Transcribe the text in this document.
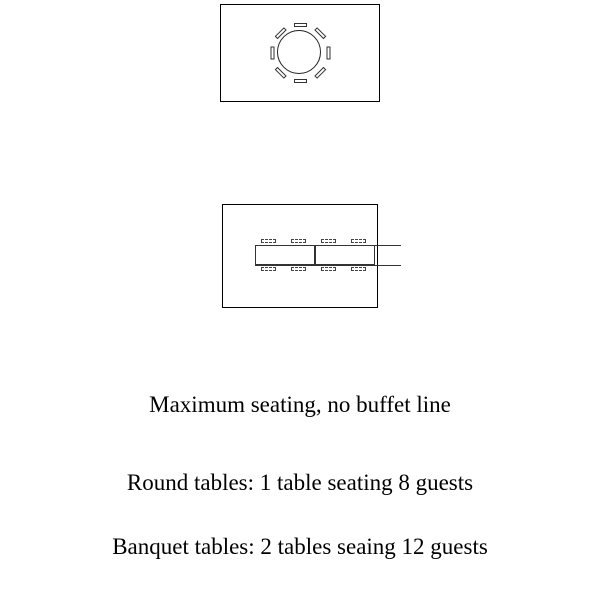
Maximum seating, no buffet line
Round tables: 1 table seating 8 guests
Banquet tables: 2 tables seaing 12 guests
